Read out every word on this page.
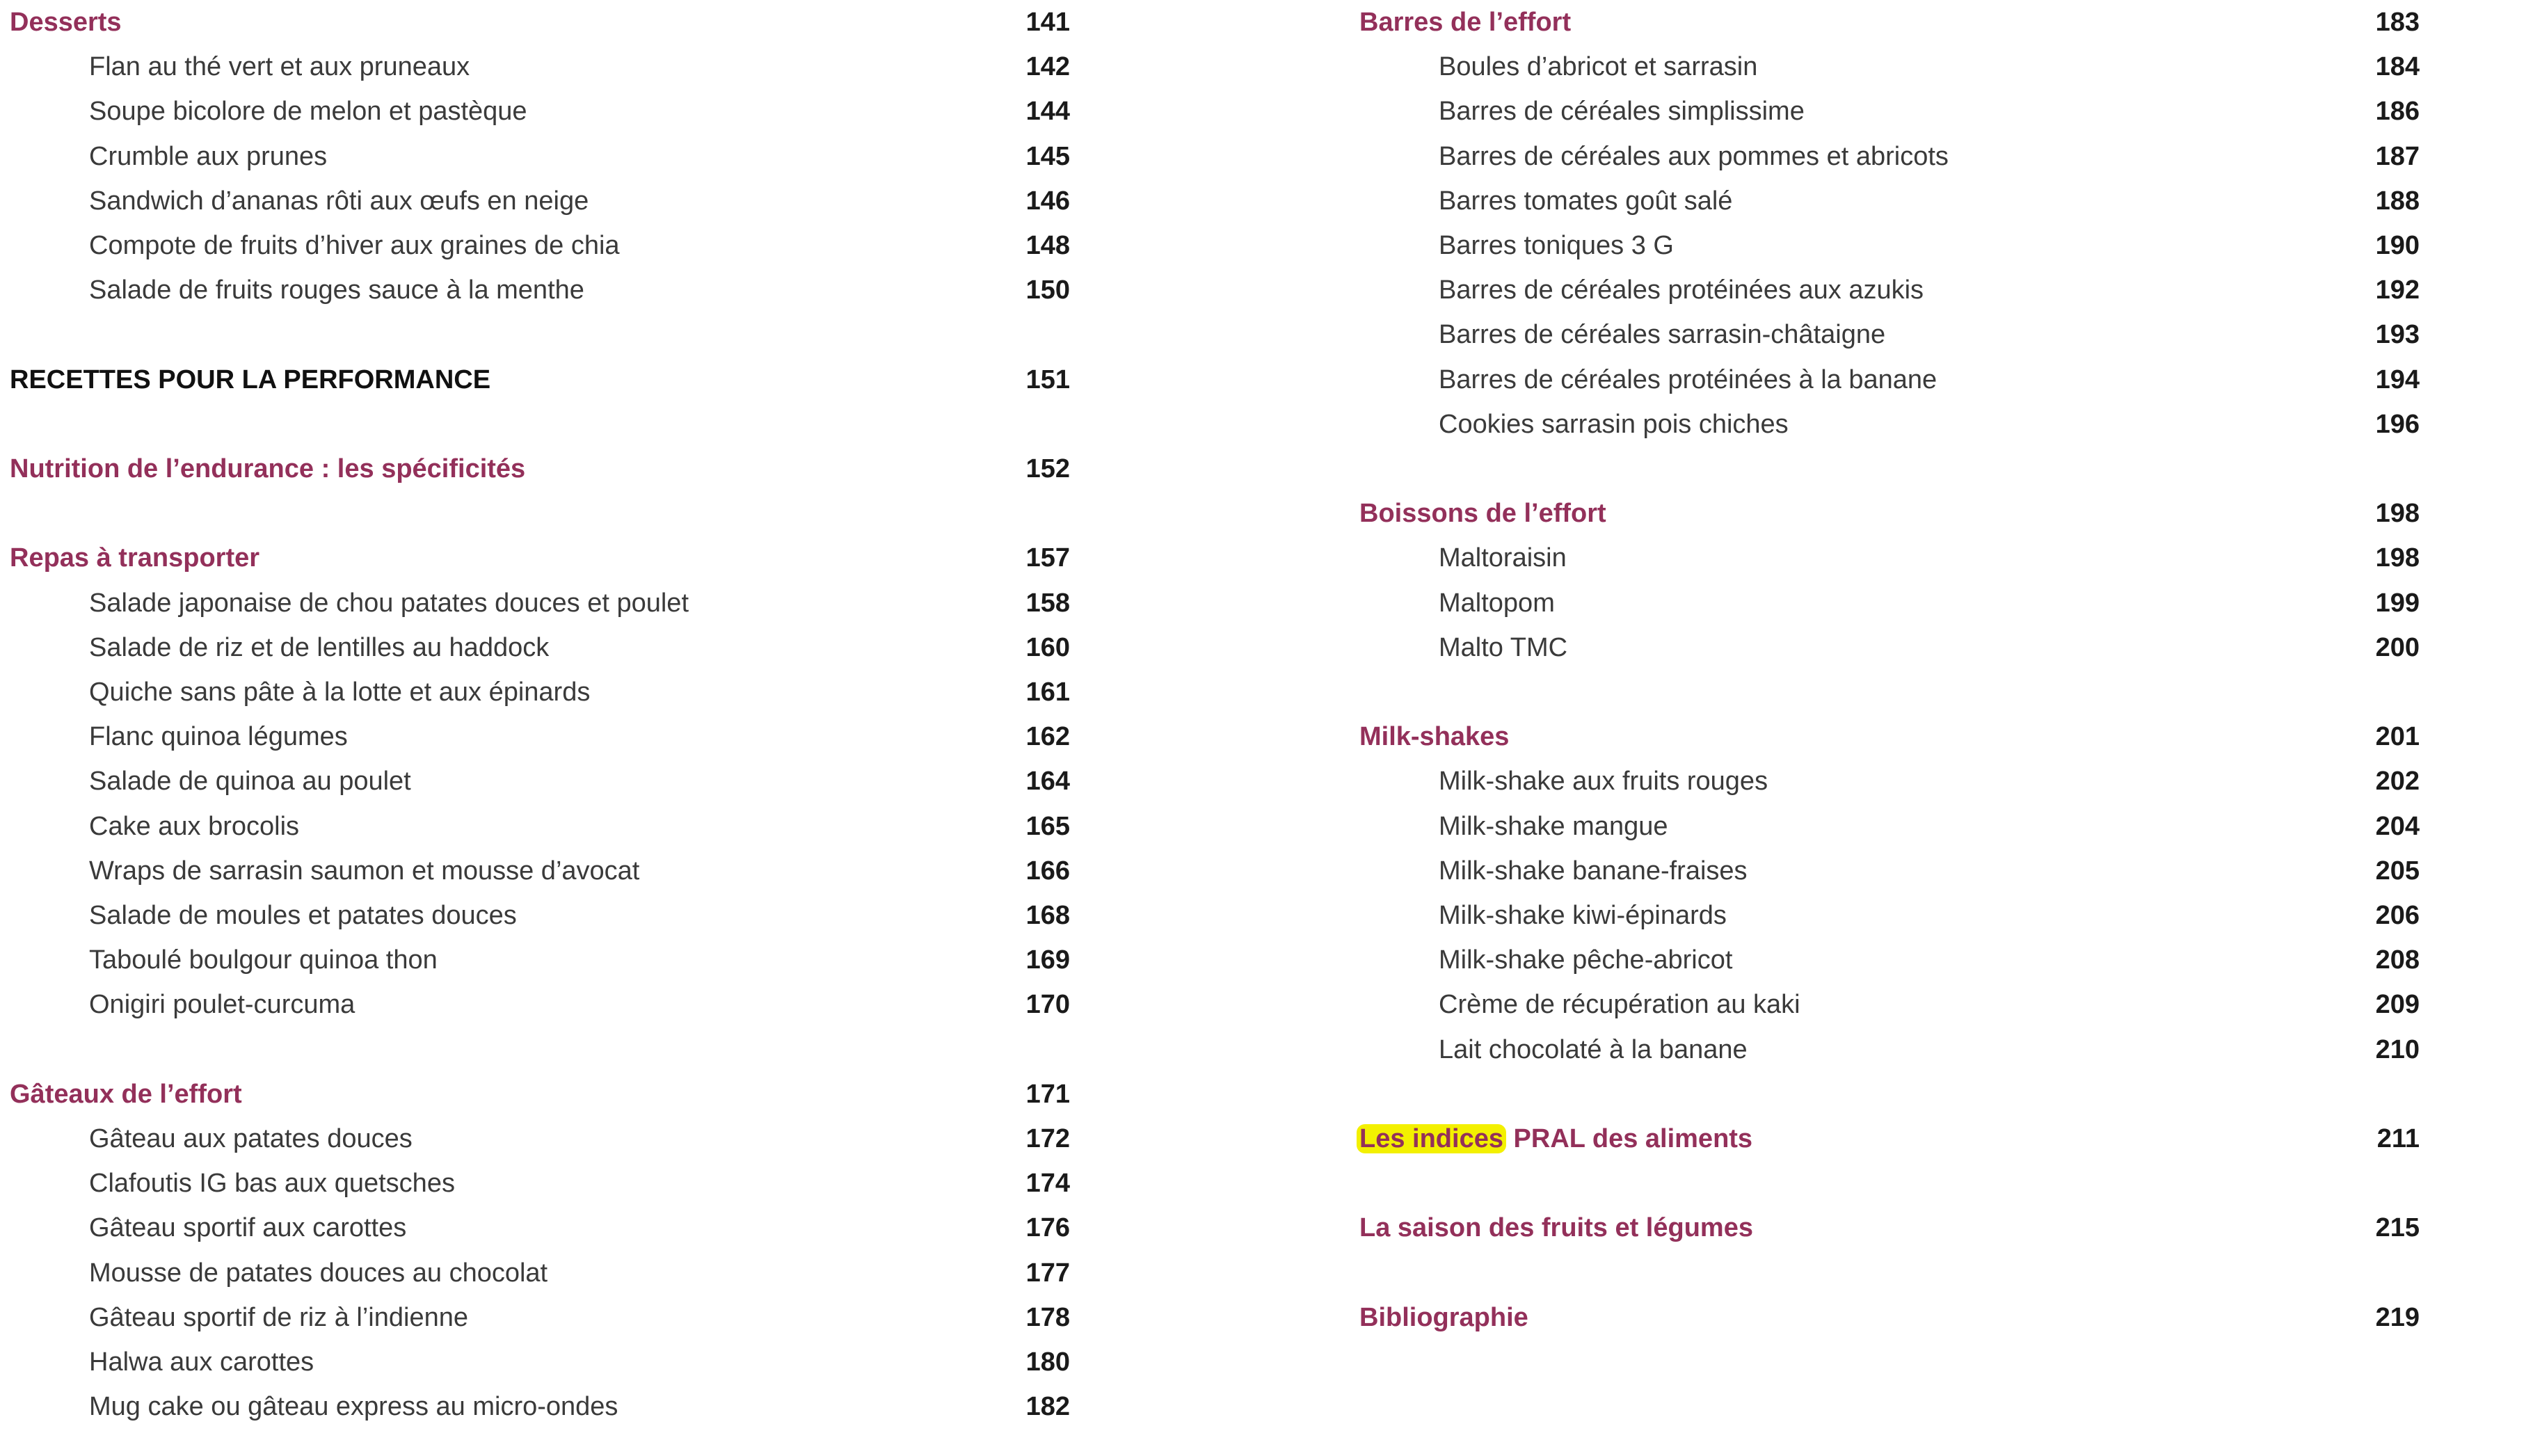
Desserts	141
Flan au thé vert et aux pruneaux	142
Soupe bicolore de melon et pastèque	144
Crumble aux prunes	145
Sandwich d’ananas rôti aux œufs en neige	146
Compote de fruits d’hiver aux graines de chia	148
Salade de fruits rouges sauce à la menthe	150
RECETTES POUR LA PERFORMANCE	151
Nutrition de l’endurance : les spécificités	152
Repas à transporter	157
Salade japonaise de chou patates douces et poulet	158
Salade de riz et de lentilles au haddock	160
Quiche sans pâte à la lotte et aux épinards	161
Flanc quinoa légumes	162
Salade de quinoa au poulet	164
Cake aux brocolis	165
Wraps de sarrasin saumon et mousse d’avocat	166
Salade de moules et patates douces	168
Taboulé boulgour quinoa thon	169
Onigiri poulet-curcuma	170
Gâteaux de l’effort	171
Gâteau aux patates douces	172
Clafoutis IG bas aux quetsches	174
Gâteau sportif aux carottes	176
Mousse de patates douces au chocolat	177
Gâteau sportif de riz à l’indienne	178
Halwa aux carottes	180
Mug cake ou gâteau express au micro-ondes	182
Barres de l’effort	183
Boules d’abricot et sarrasin	184
Barres de céréales simplissime	186
Barres de céréales aux pommes et abricots	187
Barres tomates goût salé	188
Barres toniques 3 G	190
Barres de céréales protéinées aux azukis	192
Barres de céréales sarrasin-châtaigne	193
Barres de céréales protéinées à la banane	194
Cookies sarrasin pois chiches	196
Boissons de l’effort	198
Maltoraisin	198
Maltopom	199
Malto TMC	200
Milk-shakes	201
Milk-shake aux fruits rouges	202
Milk-shake mangue	204
Milk-shake banane-fraises	205
Milk-shake kiwi-épinards	206
Milk-shake pêche-abricot	208
Crème de récupération au kaki	209
Lait chocolaté à la banane	210
Les indices PRAL des aliments	211
La saison des fruits et légumes	215
Bibliographie	219
